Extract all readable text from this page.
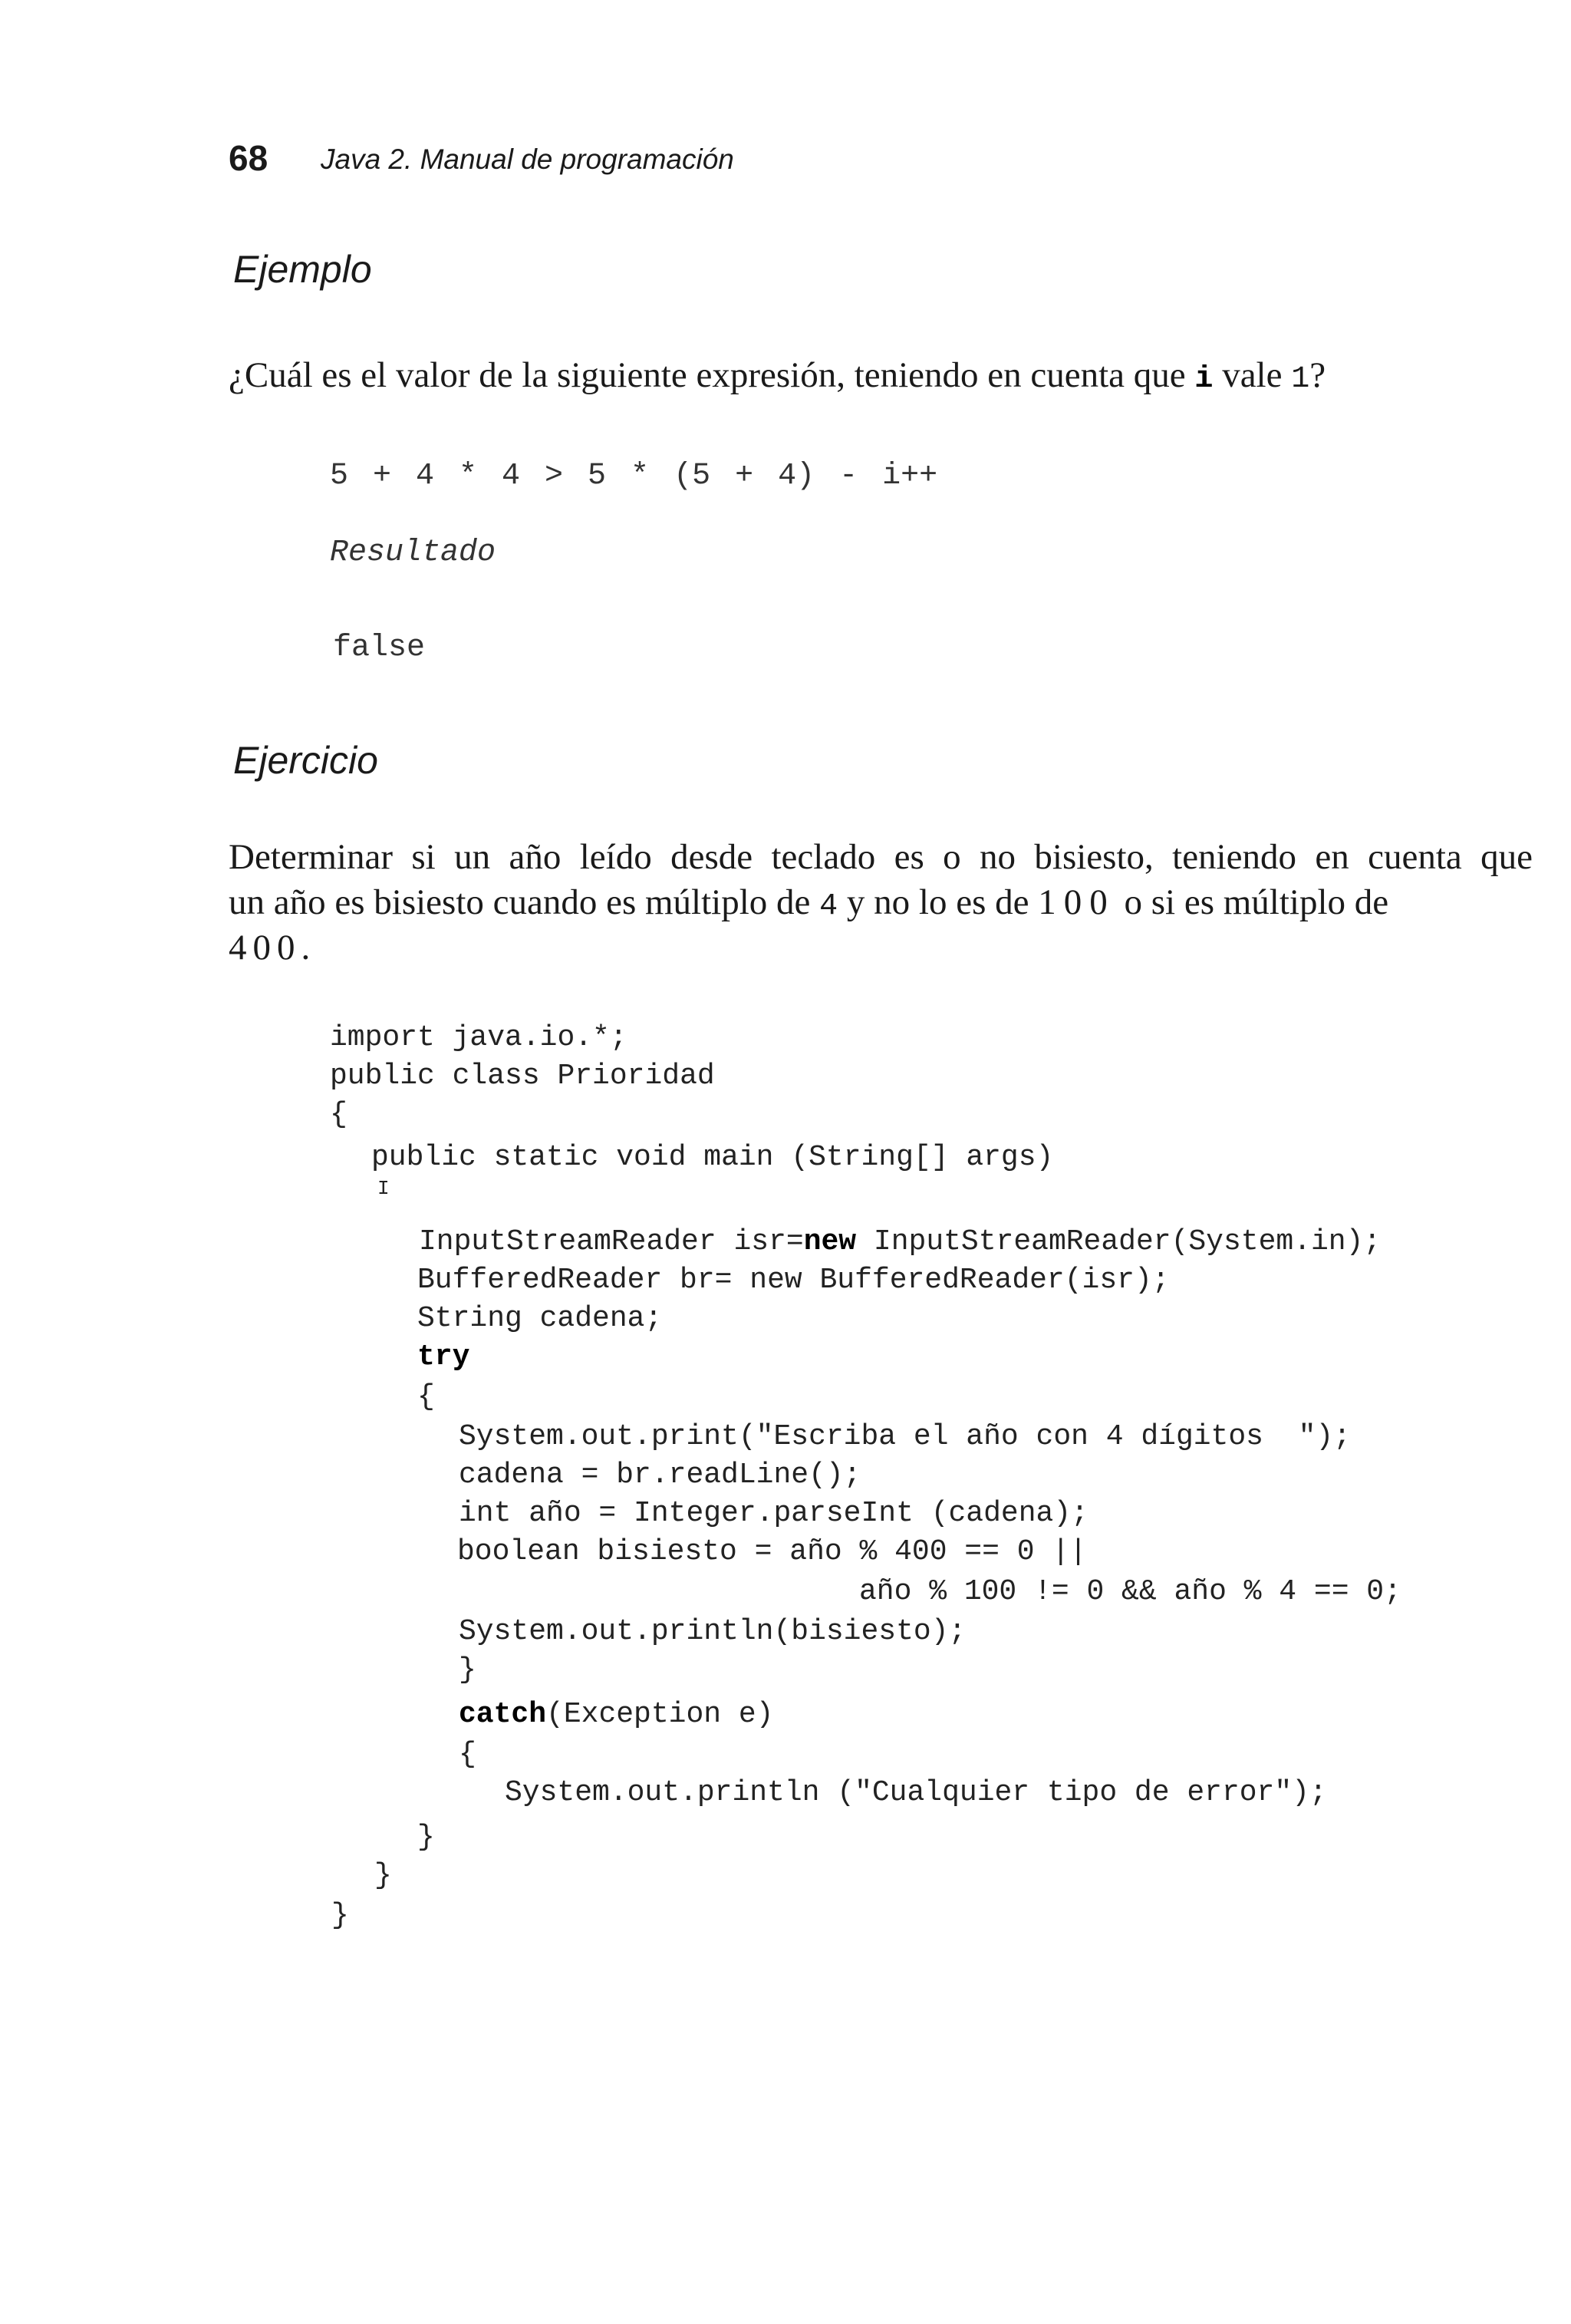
68 Java 2. Manual de programación
Ejemplo
¿Cuál es el valor de la siguiente expresión, teniendo en cuenta que i vale 1?
5 + 4 * 4 > 5 * (5 + 4) - i++
Resultado
false
Ejercicio
Determinar si un año leído desde teclado es o no bisiesto, teniendo en cuenta que
un año es bisiesto cuando es múltiplo de 4 y no lo es de 100 o si es múltiplo de
400.
import java.io.*;
public class Prioridad
{
public static void main (String[] args)
I
InputStreamReader isr=new InputStreamReader(System.in);
BufferedReader br= new BufferedReader(isr);
String cadena;
try
{
System.out.print("Escriba el año con 4 dígitos  ");
cadena = br.readLine();
int año = Integer.parseInt (cadena);
boolean bisiesto = año % 400 == 0 ||
año % 100 != 0 && año % 4 == 0;
System.out.println(bisiesto);
}
catch(Exception e)
{
System.out.println ("Cualquier tipo de error");
}
}
}
